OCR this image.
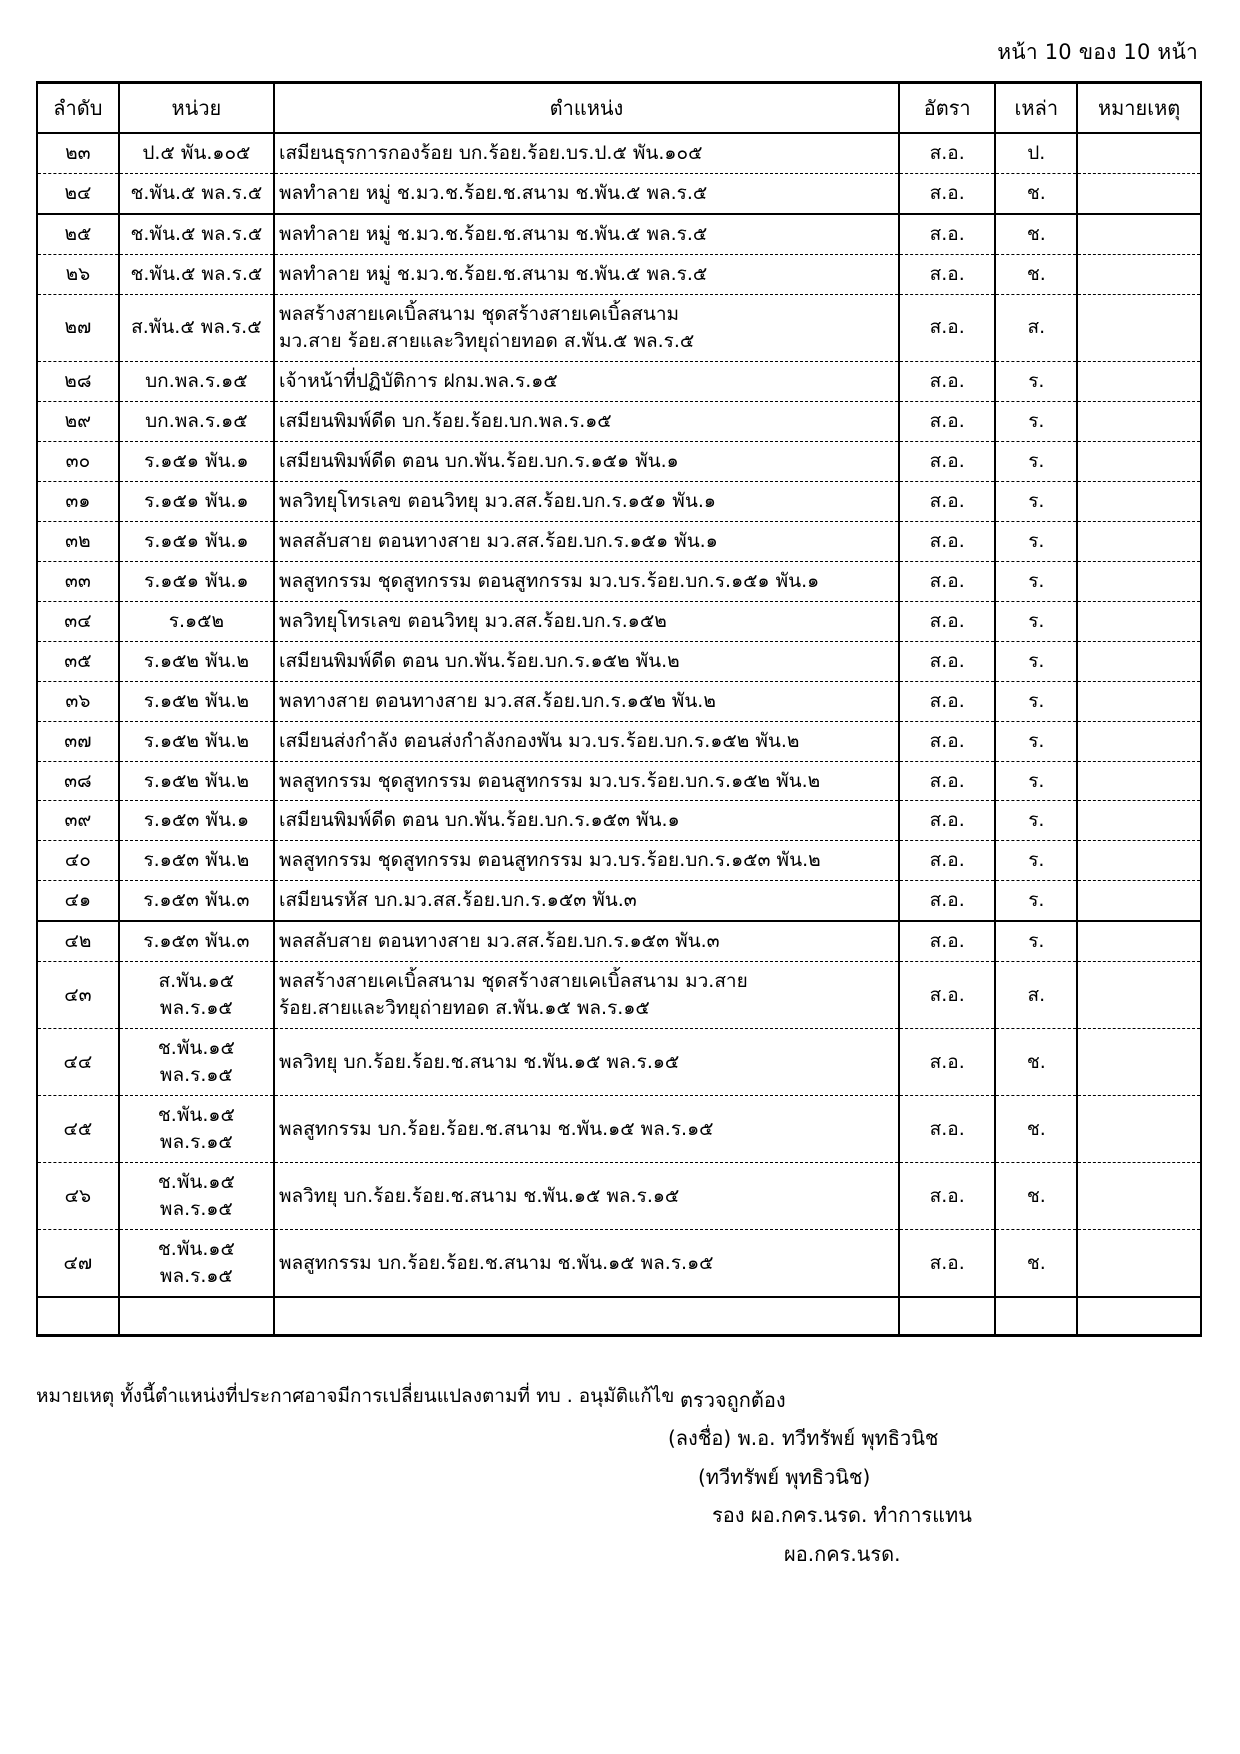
หน้า 10 ของ 10 หน้า
ลำดับ	หน่วย	ตำแหน่ง	อัตรา	เหล่า	หมายเหตุ
๒๓	ป.๕ พัน.๑๐๕	เสมียนธุรการกองร้อย บก.ร้อย.ร้อย.บร.ป.๕ พัน.๑๐๕	ส.อ.	ป.	
๒๔	ช.พัน.๕ พล.ร.๕	พลทำลาย หมู่ ช.มว.ช.ร้อย.ช.สนาม ช.พัน.๕ พล.ร.๕	ส.อ.	ช.	
๒๕	ช.พัน.๕ พล.ร.๕	พลทำลาย หมู่ ช.มว.ช.ร้อย.ช.สนาม ช.พัน.๕ พล.ร.๕	ส.อ.	ช.	
๒๖	ช.พัน.๕ พล.ร.๕	พลทำลาย หมู่ ช.มว.ช.ร้อย.ช.สนาม ช.พัน.๕ พล.ร.๕	ส.อ.	ช.	
๒๗	ส.พัน.๕ พล.ร.๕	พลสร้างสายเคเบิ้ลสนาม ชุดสร้างสายเคเบิ้ลสนาม
มว.สาย ร้อย.สายและวิทยุถ่ายทอด ส.พัน.๕ พล.ร.๕	ส.อ.	ส.	
๒๘	บก.พล.ร.๑๕	เจ้าหน้าที่ปฏิบัติการ ฝกม.พล.ร.๑๕	ส.อ.	ร.	
๒๙	บก.พล.ร.๑๕	เสมียนพิมพ์ดีด บก.ร้อย.ร้อย.บก.พล.ร.๑๕	ส.อ.	ร.	
๓๐	ร.๑๕๑ พัน.๑	เสมียนพิมพ์ดีด ตอน บก.พัน.ร้อย.บก.ร.๑๕๑ พัน.๑	ส.อ.	ร.	
๓๑	ร.๑๕๑ พัน.๑	พลวิทยุโทรเลข ตอนวิทยุ มว.สส.ร้อย.บก.ร.๑๕๑ พัน.๑	ส.อ.	ร.	
๓๒	ร.๑๕๑ พัน.๑	พลสลับสาย ตอนทางสาย มว.สส.ร้อย.บก.ร.๑๕๑ พัน.๑	ส.อ.	ร.	
๓๓	ร.๑๕๑ พัน.๑	พลสูทกรรม ชุดสูทกรรม ตอนสูทกรรม มว.บร.ร้อย.บก.ร.๑๕๑ พัน.๑	ส.อ.	ร.	
๓๔	ร.๑๕๒	พลวิทยุโทรเลข ตอนวิทยุ มว.สส.ร้อย.บก.ร.๑๕๒	ส.อ.	ร.	
๓๕	ร.๑๕๒ พัน.๒	เสมียนพิมพ์ดีด ตอน บก.พัน.ร้อย.บก.ร.๑๕๒ พัน.๒	ส.อ.	ร.	
๓๖	ร.๑๕๒ พัน.๒	พลทางสาย ตอนทางสาย มว.สส.ร้อย.บก.ร.๑๕๒ พัน.๒	ส.อ.	ร.	
๓๗	ร.๑๕๒ พัน.๒	เสมียนส่งกำลัง ตอนส่งกำลังกองพัน มว.บร.ร้อย.บก.ร.๑๕๒ พัน.๒	ส.อ.	ร.	
๓๘	ร.๑๕๒ พัน.๒	พลสูทกรรม ชุดสูทกรรม ตอนสูทกรรม มว.บร.ร้อย.บก.ร.๑๕๒ พัน.๒	ส.อ.	ร.	
๓๙	ร.๑๕๓ พัน.๑	เสมียนพิมพ์ดีด ตอน บก.พัน.ร้อย.บก.ร.๑๕๓ พัน.๑	ส.อ.	ร.	
๔๐	ร.๑๕๓ พัน.๒	พลสูทกรรม ชุดสูทกรรม ตอนสูทกรรม มว.บร.ร้อย.บก.ร.๑๕๓ พัน.๒	ส.อ.	ร.	
๔๑	ร.๑๕๓ พัน.๓	เสมียนรหัส บก.มว.สส.ร้อย.บก.ร.๑๕๓ พัน.๓	ส.อ.	ร.	
๔๒	ร.๑๕๓ พัน.๓	พลสลับสาย ตอนทางสาย มว.สส.ร้อย.บก.ร.๑๕๓ พัน.๓	ส.อ.	ร.	
๔๓	ส.พัน.๑๕ พล.ร.๑๕	พลสร้างสายเคเบิ้ลสนาม ชุดสร้างสายเคเบิ้ลสนาม มว.สาย
ร้อย.สายและวิทยุถ่ายทอด ส.พัน.๑๕ พล.ร.๑๕	ส.อ.	ส.	
๔๔	ช.พัน.๑๕ พล.ร.๑๕	พลวิทยุ บก.ร้อย.ร้อย.ช.สนาม ช.พัน.๑๕ พล.ร.๑๕	ส.อ.	ช.	
๔๕	ช.พัน.๑๕ พล.ร.๑๕	พลสูทกรรม บก.ร้อย.ร้อย.ช.สนาม ช.พัน.๑๕ พล.ร.๑๕	ส.อ.	ช.	
๔๖	ช.พัน.๑๕ พล.ร.๑๕	พลวิทยุ บก.ร้อย.ร้อย.ช.สนาม ช.พัน.๑๕ พล.ร.๑๕	ส.อ.	ช.	
๔๗	ช.พัน.๑๕ พล.ร.๑๕	พลสูทกรรม บก.ร้อย.ร้อย.ช.สนาม ช.พัน.๑๕ พล.ร.๑๕	ส.อ.	ช.	

หมายเหตุ ทั้งนี้ตำแหน่งที่ประกาศอาจมีการเปลี่ยนแปลงตามที่ ทบ . อนุมัติแก้ไข ตรวจถูกต้อง
(ลงชื่อ) พ.อ. ทวีทรัพย์ พุทธิวนิช
(ทวีทรัพย์ พุทธิวนิช)
รอง ผอ.กคร.นรด. ทำการแทน
ผอ.กคร.นรด.
